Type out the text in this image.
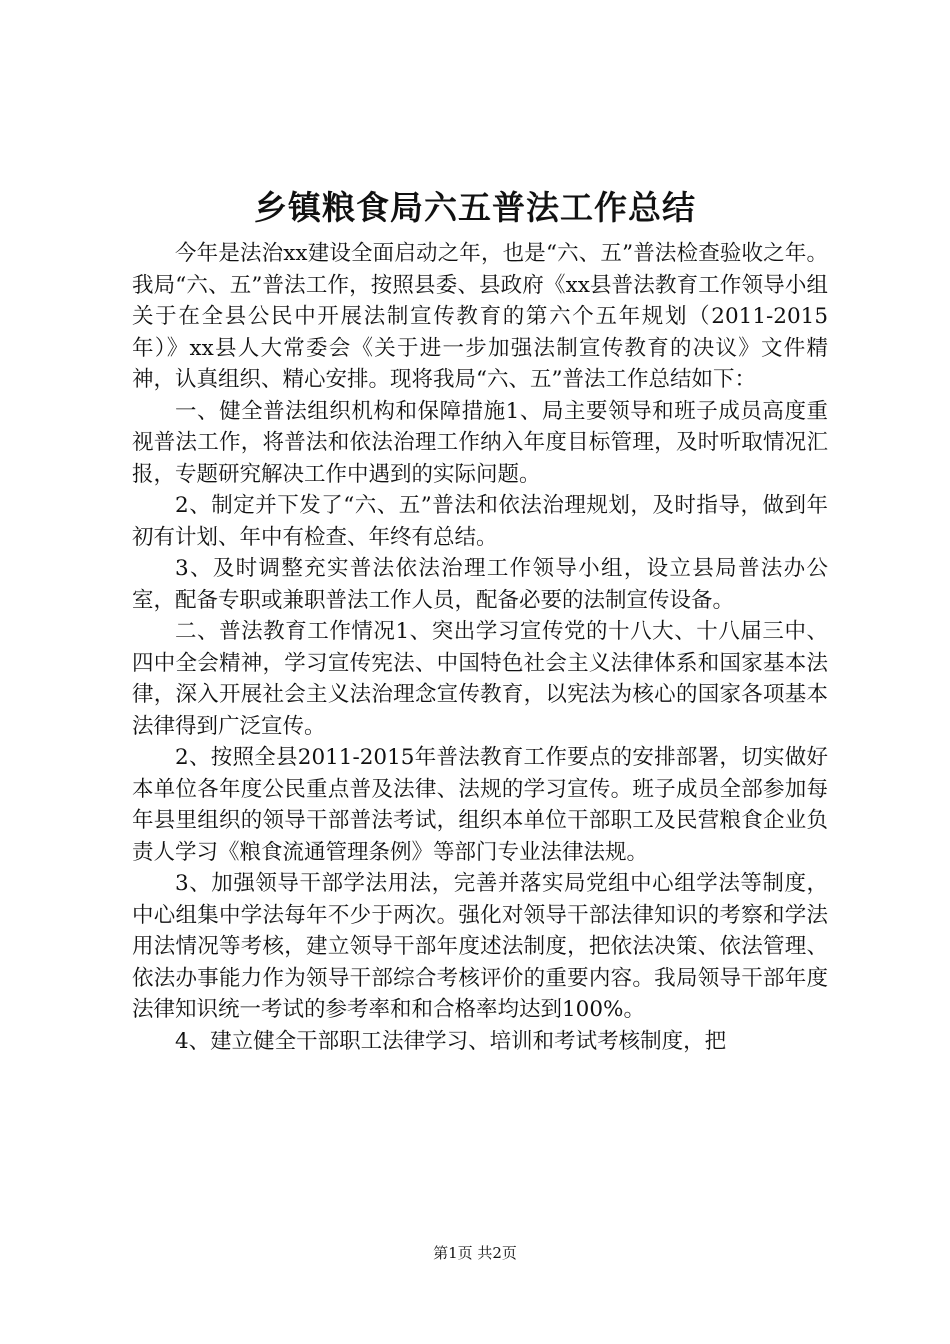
乡镇粮食局六五普法工作总结

今年是法治xx建设全面启动之年，也是“六、五”普法检查验收之年。我局“六、五”普法工作，按照县委、县政府《xx县普法教育工作领导小组关于在全县公民中开展法制宣传教育的第六个五年规划（2011-2015年）》xx县人大常委会《关于进一步加强法制宣传教育的决议》文件精神，认真组织、精心安排。现将我局“六、五”普法工作总结如下：

一、健全普法组织机构和保障措施1、局主要领导和班子成员高度重视普法工作，将普法和依法治理工作纳入年度目标管理，及时听取情况汇报，专题研究解决工作中遇到的实际问题。

2、制定并下发了“六、五”普法和依法治理规划，及时指导，做到年初有计划、年中有检查、年终有总结。

3、及时调整充实普法依法治理工作领导小组，设立县局普法办公室，配备专职或兼职普法工作人员，配备必要的法制宣传设备。

二、普法教育工作情况1、突出学习宣传党的十八大、十八届三中、四中全会精神，学习宣传宪法、中国特色社会主义法律体系和国家基本法律，深入开展社会主义法治理念宣传教育，以宪法为核心的国家各项基本法律得到广泛宣传。

2、按照全县2011-2015年普法教育工作要点的安排部署，切实做好本单位各年度公民重点普及法律、法规的学习宣传。班子成员全部参加每年县里组织的领导干部普法考试，组织本单位干部职工及民营粮食企业负责人学习《粮食流通管理条例》等部门专业法律法规。

3、加强领导干部学法用法，完善并落实局党组中心组学法等制度，中心组集中学法每年不少于两次。强化对领导干部法律知识的考察和学法用法情况等考核，建立领导干部年度述法制度，把依法决策、依法管理、依法办事能力作为领导干部综合考核评价的重要内容。我局领导干部年度法律知识统一考试的参考率和和合格率均达到100%。

4、建立健全干部职工法律学习、培训和考试考核制度，把

第1页 共2页
